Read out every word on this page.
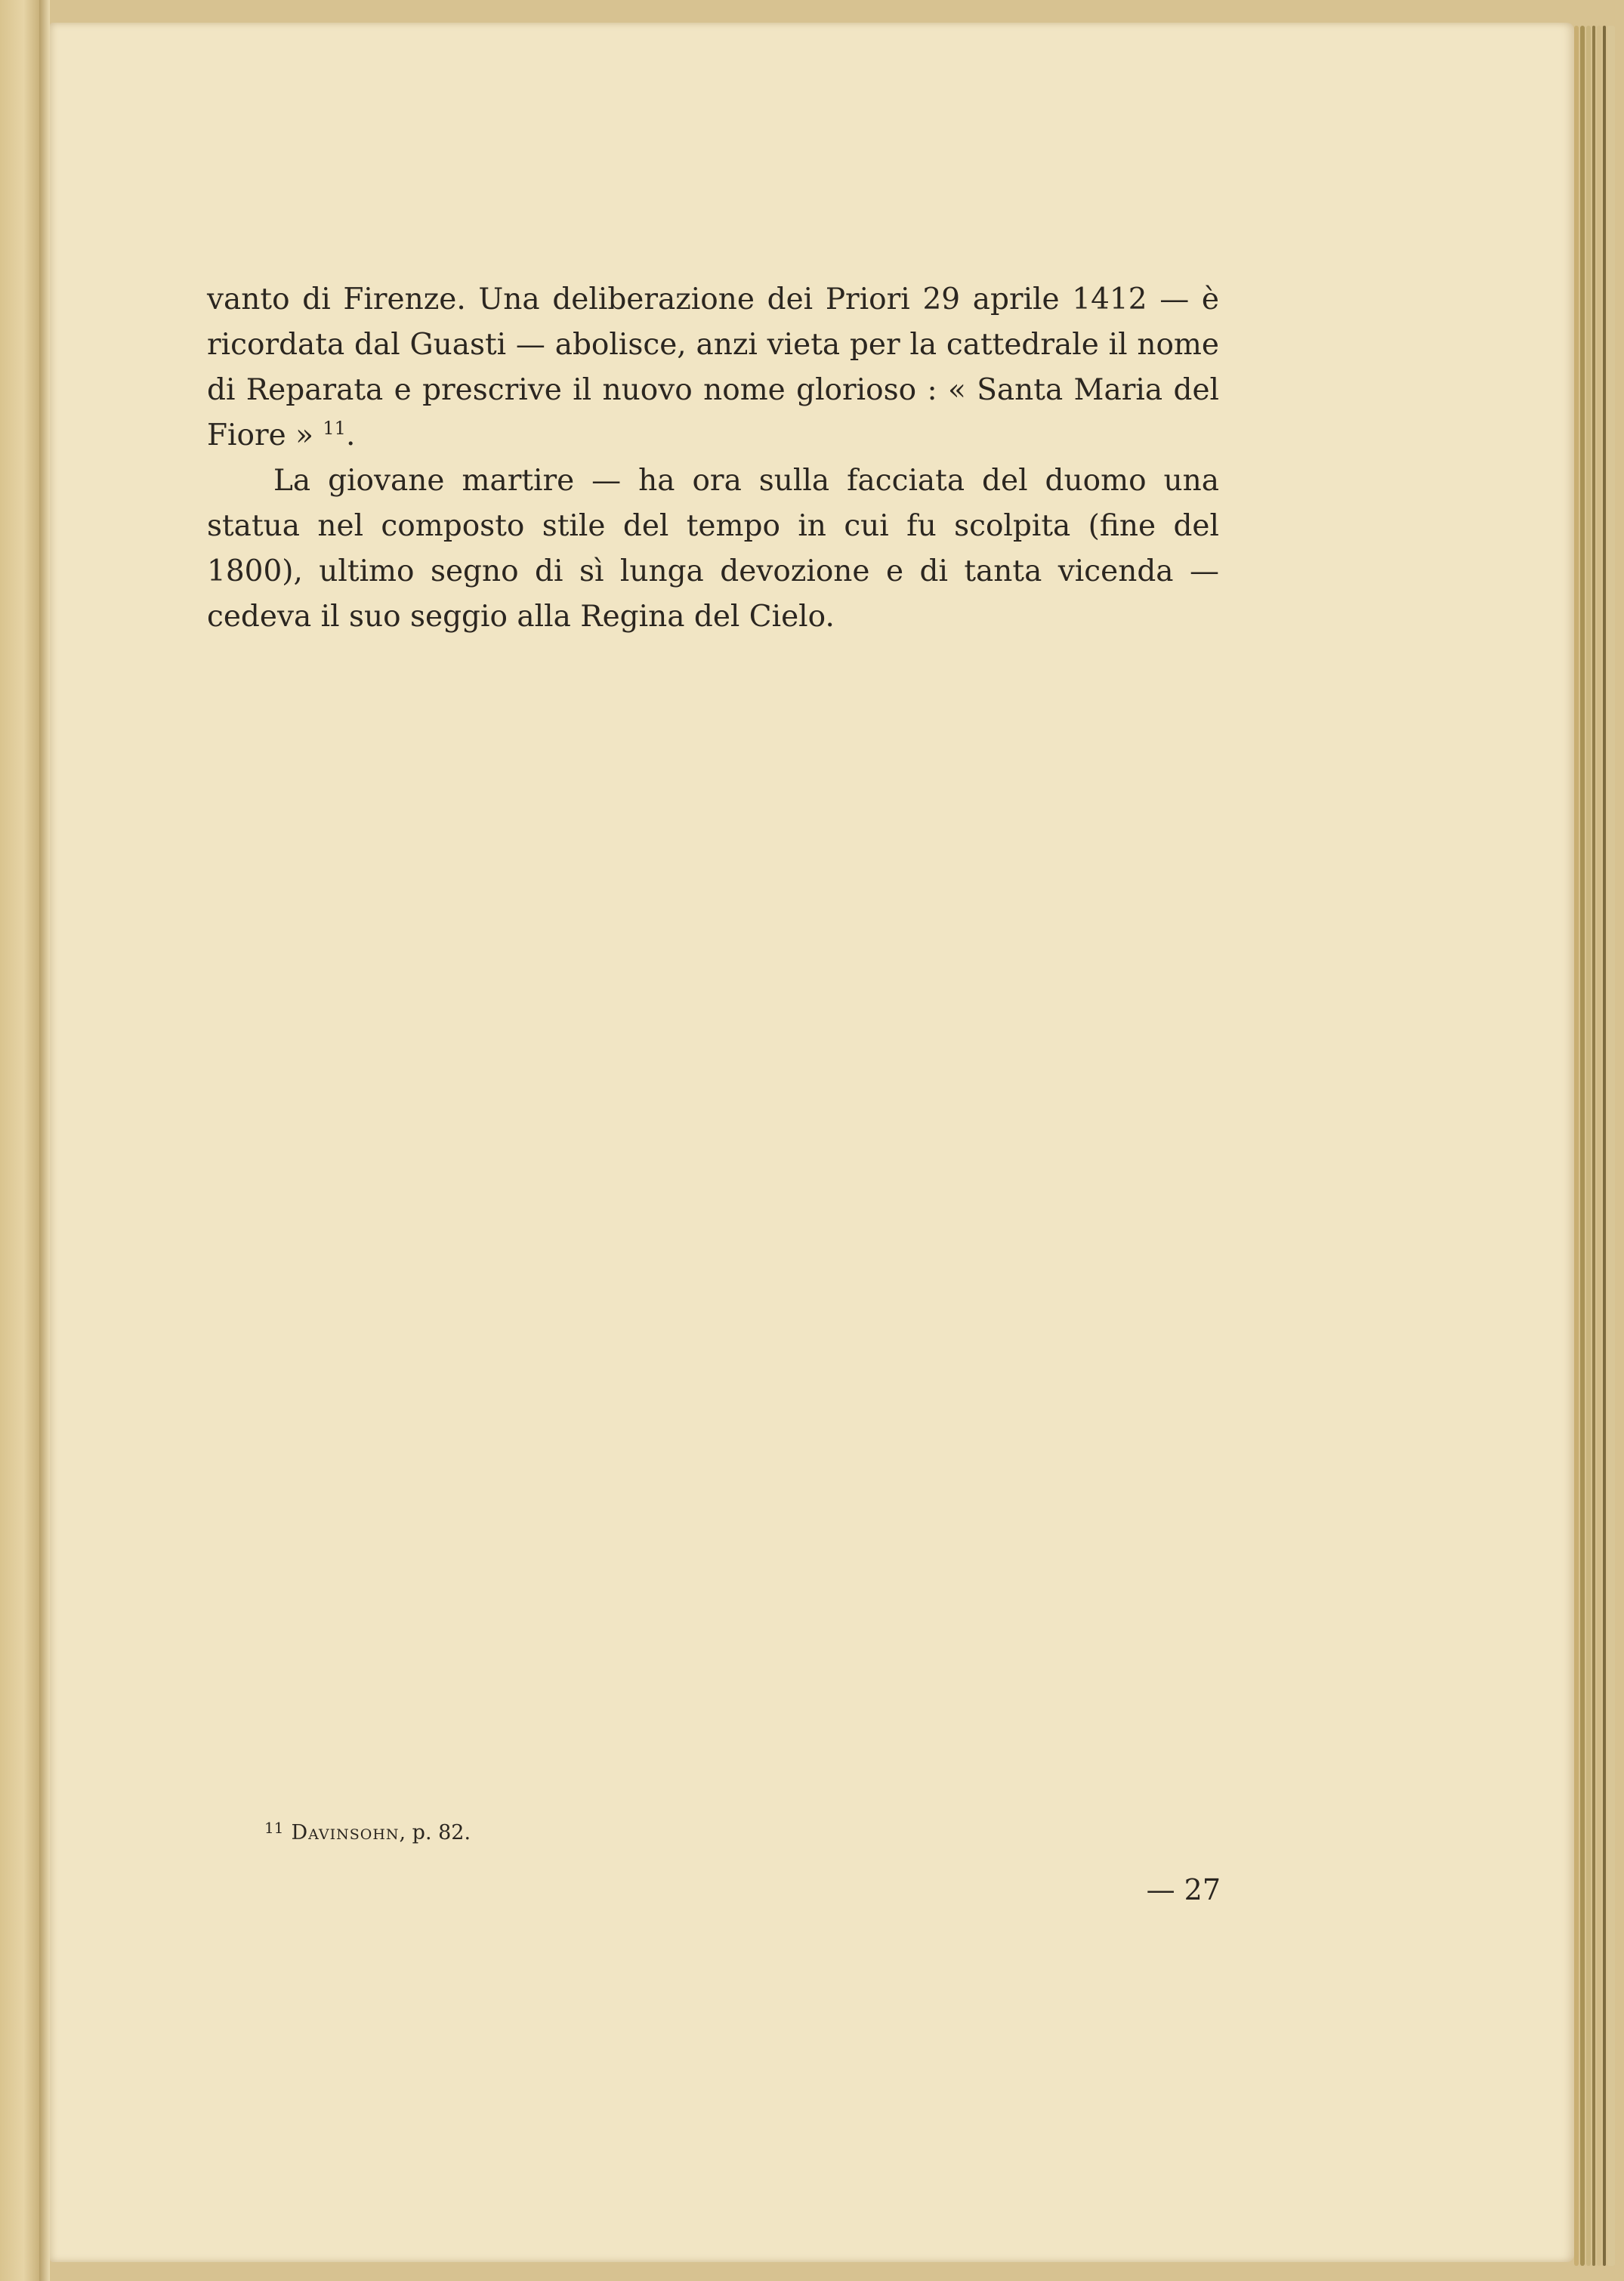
vanto di Firenze. Una deliberazione dei Priori 29 aprile 1412 — è ricordata dal Guasti — abolisce, anzi vieta per la cattedrale il nome di Reparata e prescrive il nuovo nome glorioso : « Santa Maria del Fiore » $^{11}$.

La giovane martire — ha ora sulla facciata del duomo una statua nel composto stile del tempo in cui fu scolpita (fine del 1800), ultimo segno di sì lunga devozione e di tanta vicenda — cedeva il suo seggio alla Regina del Cielo.

$^{11}$ Davinsohn, p. 82.
— 27
